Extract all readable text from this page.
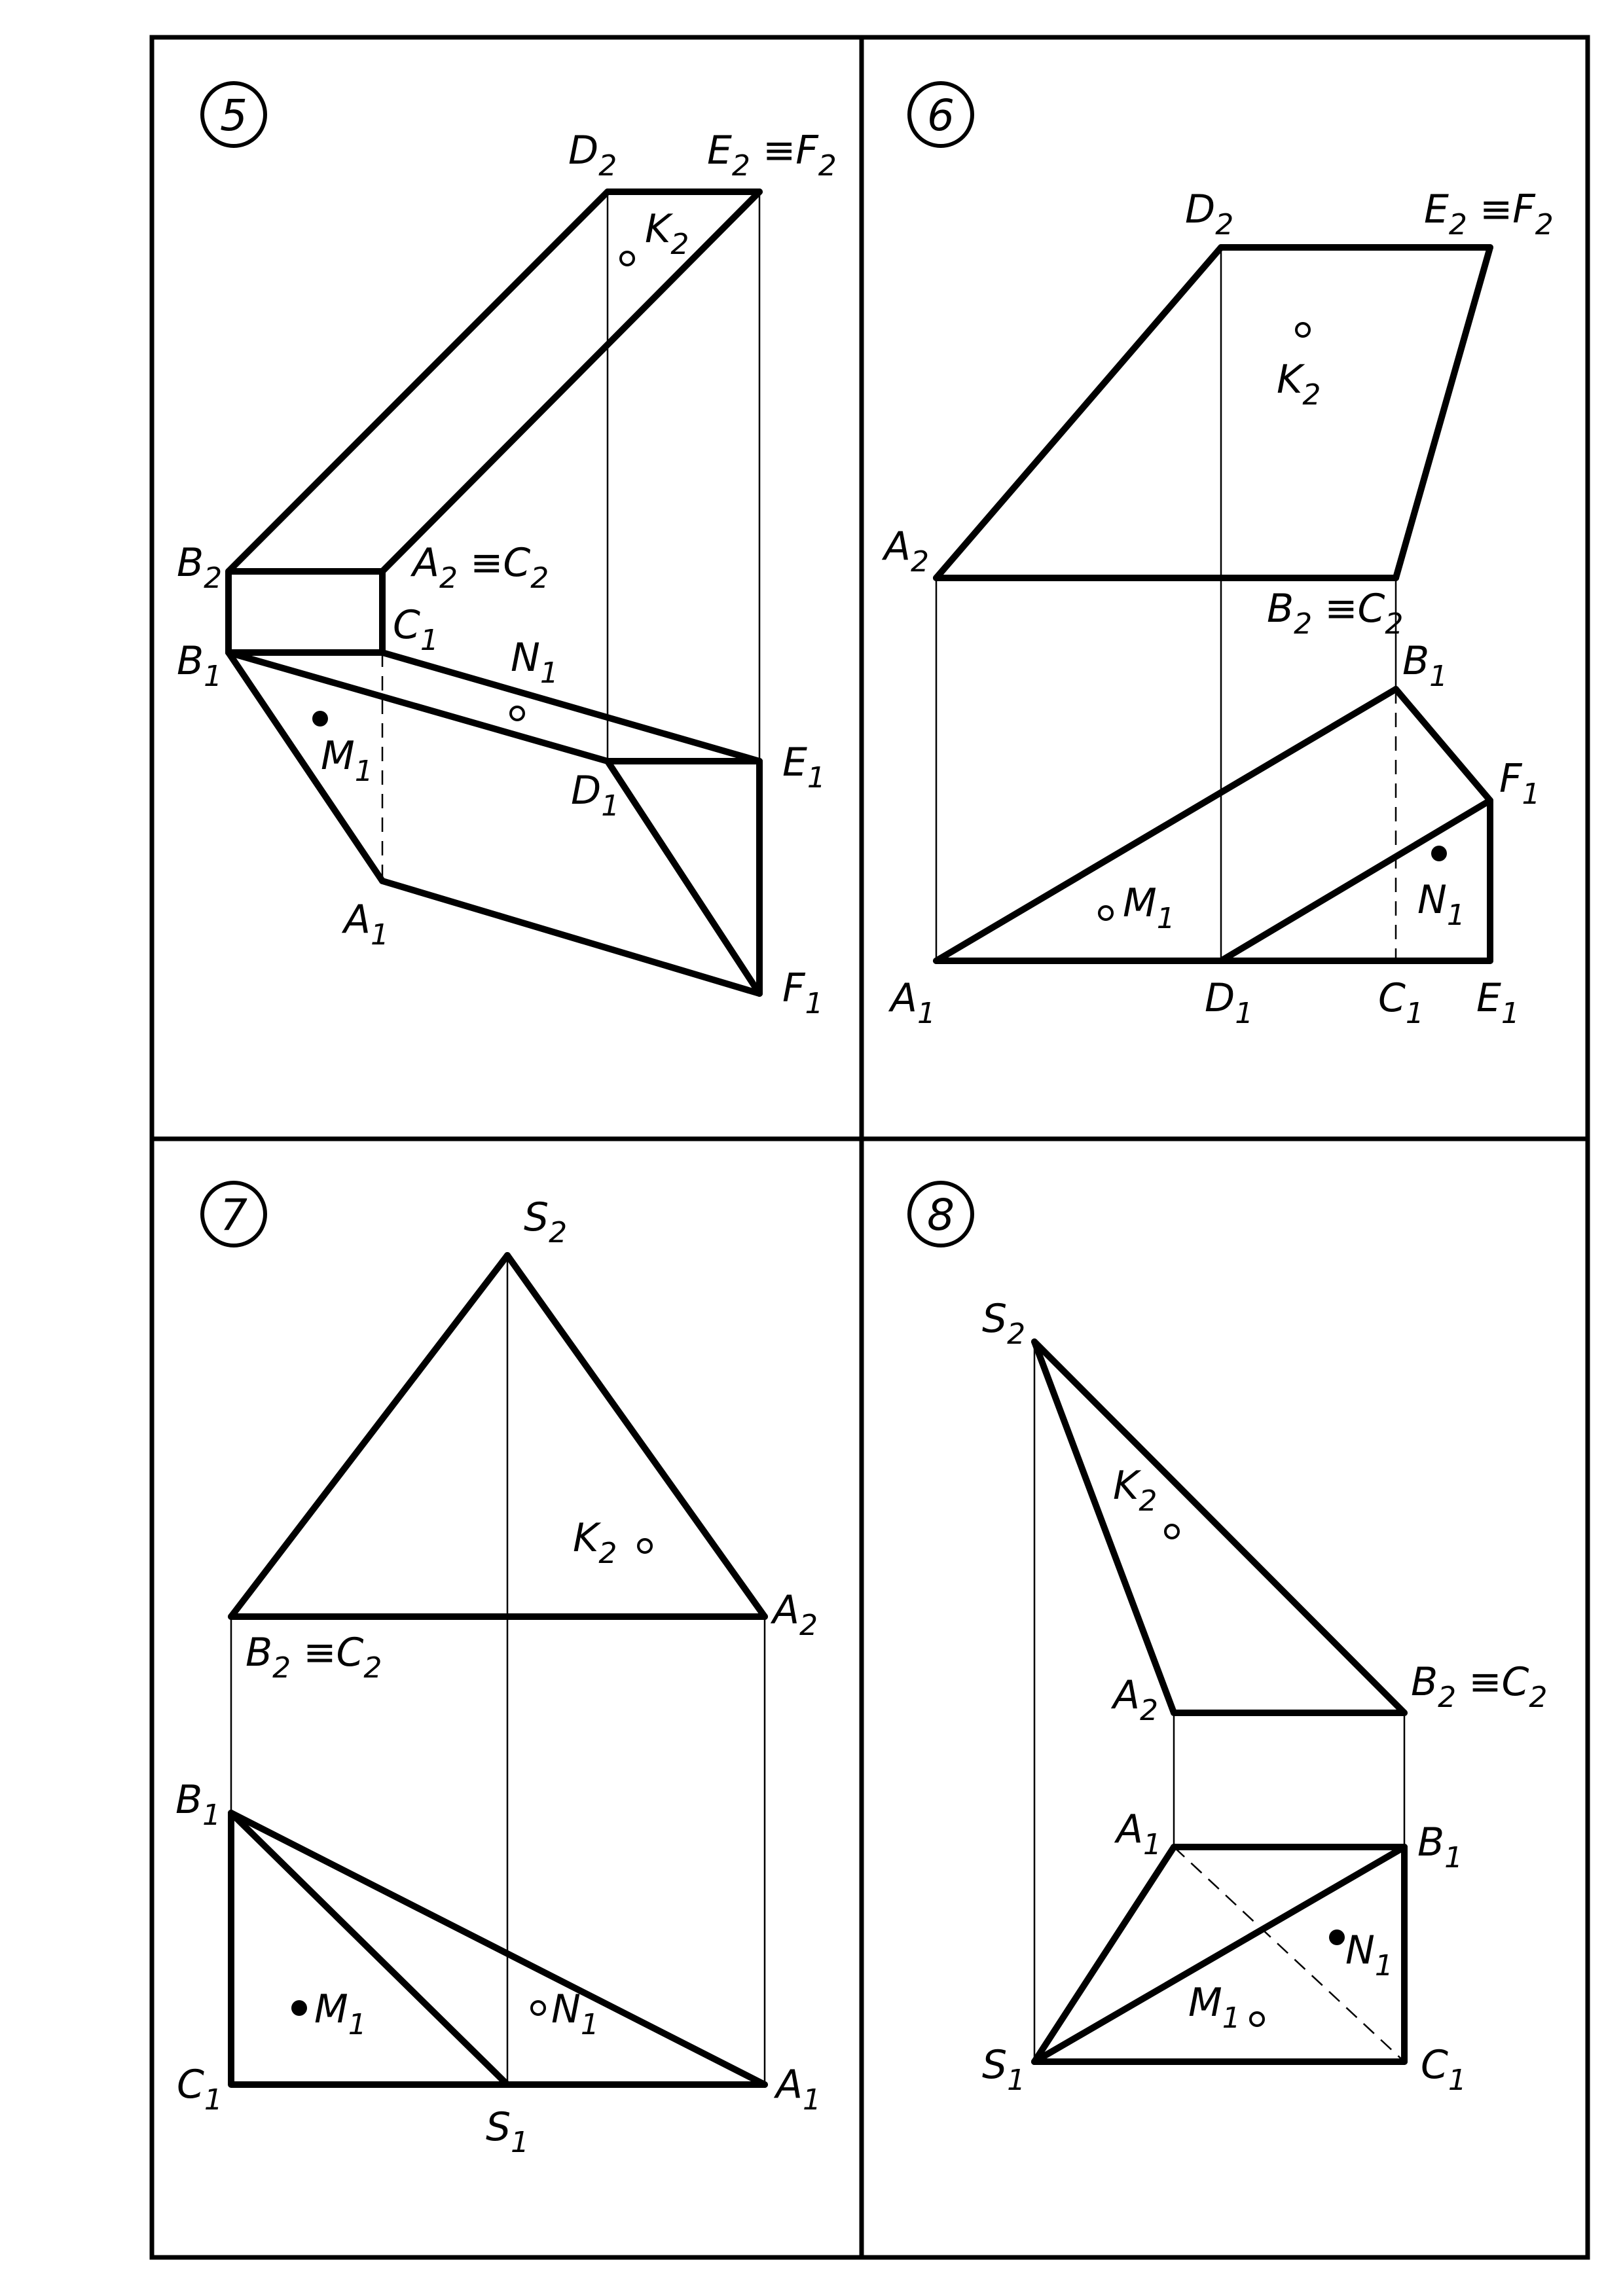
5
$B_2$	$A_2 \equiv C_2$
$D_2$ $E_2 \equiv F_2$
$K_2$
$B_1$
$C_1$ $N_1$
$M_1$	$D_1$
$E_1$
$A_1$
$F_1$
6
$D_2$	$E_2 \equiv F_2$
$K_2$
$A_2$
$B_2 \equiv C_2$
$B_1$
$F_1$
$M_1$	$N_1$
$A_1$	$D_1$	$C_1$ $E_1$
7	$S_2$
$K_2$
$A_2$
$B_2 \equiv C_2$
$B_1$
$M_1$	$N_1$
$C_1$
$S_1$
$A_1$
8
$S_2$
$K_2$
$A_2$
$B_2 \equiv C_2$
$A_1$	$B_1$
$N_1$
$M_1$
$S_1$	$C_1$
